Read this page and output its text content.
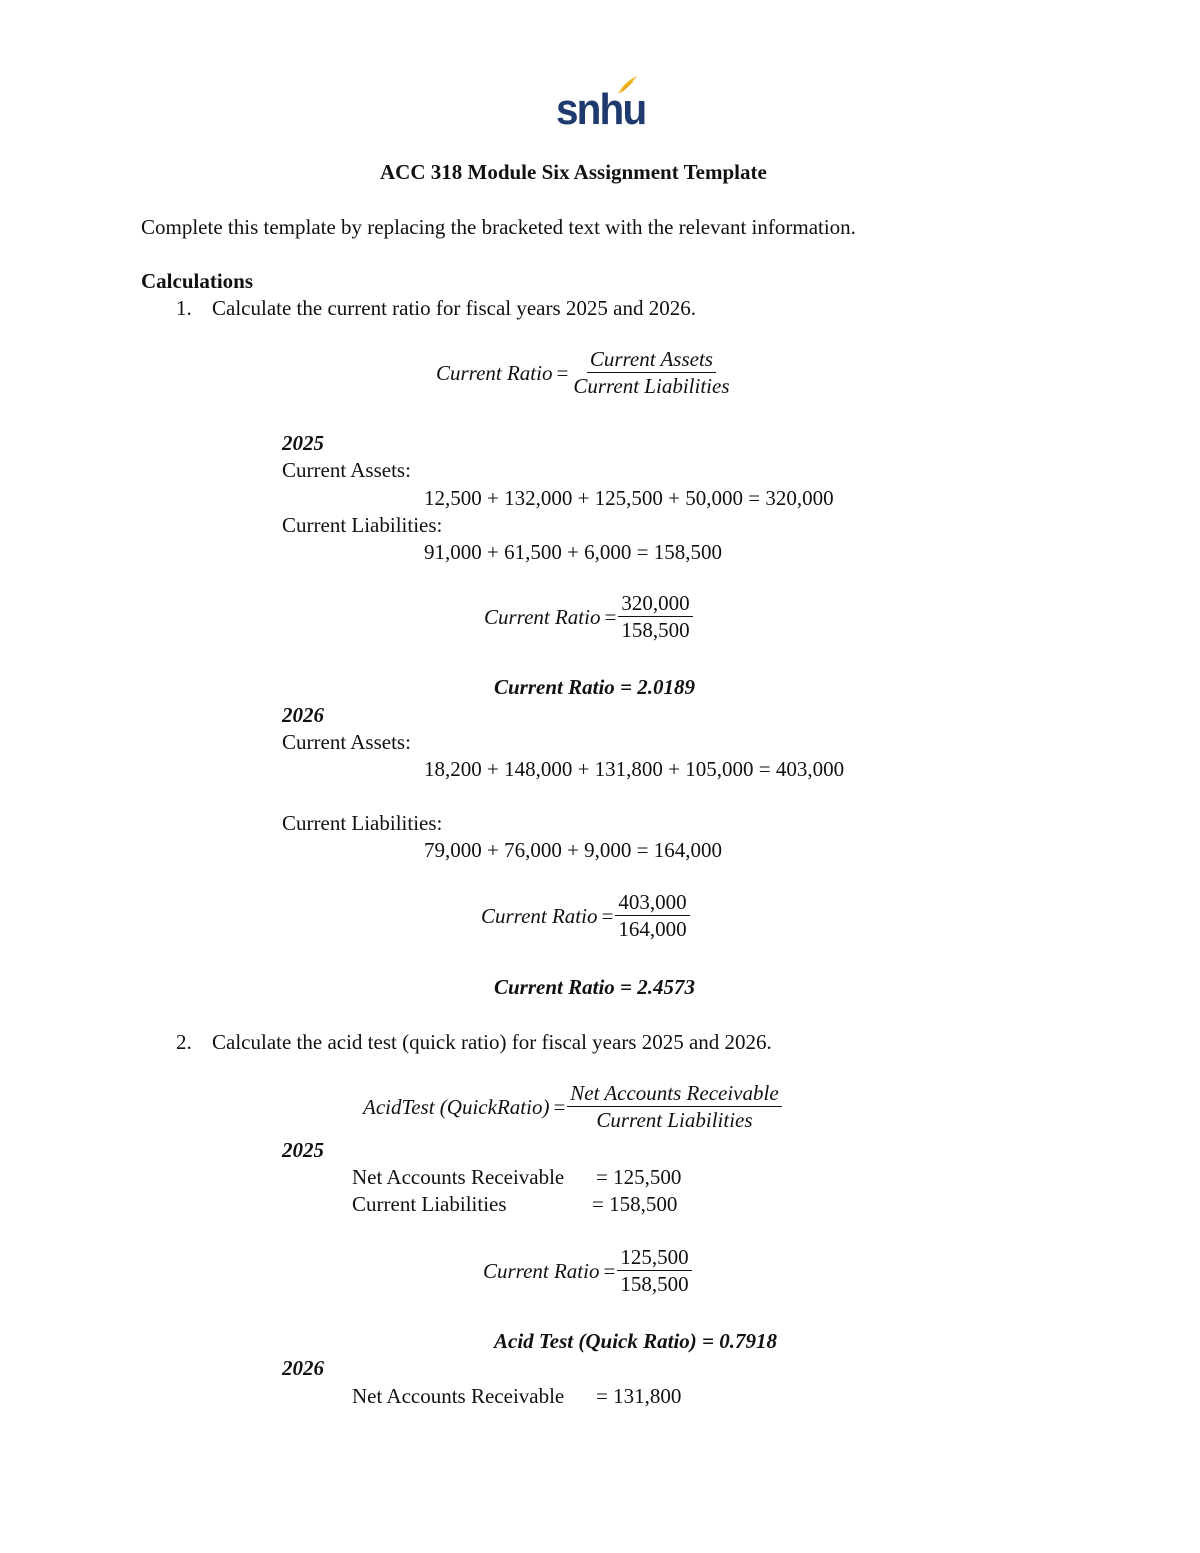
snhu
ACC 318 Module Six Assignment Template
Complete this template by replacing the bracketed text with the relevant information.
Calculations
1. Calculate the current ratio for fiscal years 2025 and 2026.
Current Ratio = $\frac{\text{Current Assets}}{\text{Current Liabilities}}$
2025
Current Assets:
12,500 + 132,000 + 125,500 + 50,000 = 320,000
Current Liabilities:
91,000 + 61,500 + 6,000 = 158,500
Current Ratio = $\frac{320,000}{158,500}$
Current Ratio = 2.0189
2026
Current Assets:
18,200 + 148,000 + 131,800 + 105,000 = 403,000
Current Liabilities:
79,000 + 76,000 + 9,000 = 164,000
Current Ratio = $\frac{403,000}{164,000}$
Current Ratio = 2.4573
2. Calculate the acid test (quick ratio) for fiscal years 2025 and 2026.
AcidTest (QuickRatio) = $\frac{\text{Net Accounts Receivable}}{\text{Current Liabilities}}$
2025
Net Accounts Receivable = 125,500
Current Liabilities	= 158,500
Current Ratio = $\frac{125,500}{158,500}$
Acid Test (Quick Ratio) = 0.7918
2026
Net Accounts Receivable = 131,800
